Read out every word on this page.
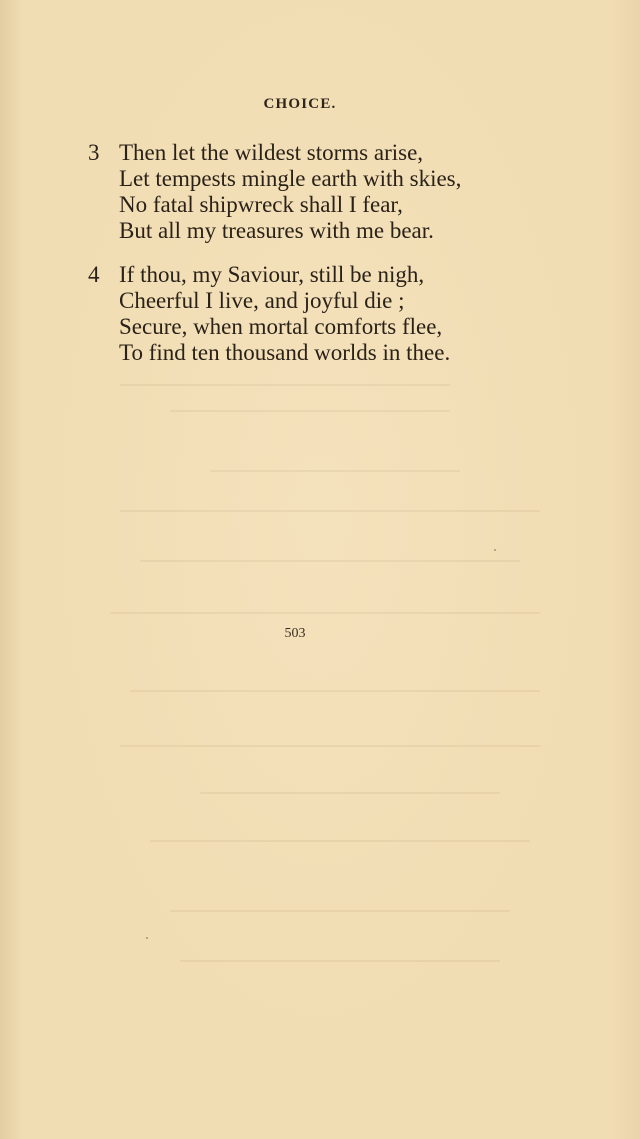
CHOICE.
3 Then let the wildest storms arise,
Let tempests mingle earth with skies,
No fatal shipwreck shall I fear,
But all my treasures with me bear.
4 If thou, my Saviour, still be nigh,
Cheerful I live, and joyful die ;
Secure, when mortal comforts flee,
To find ten thousand worlds in thee.
503
